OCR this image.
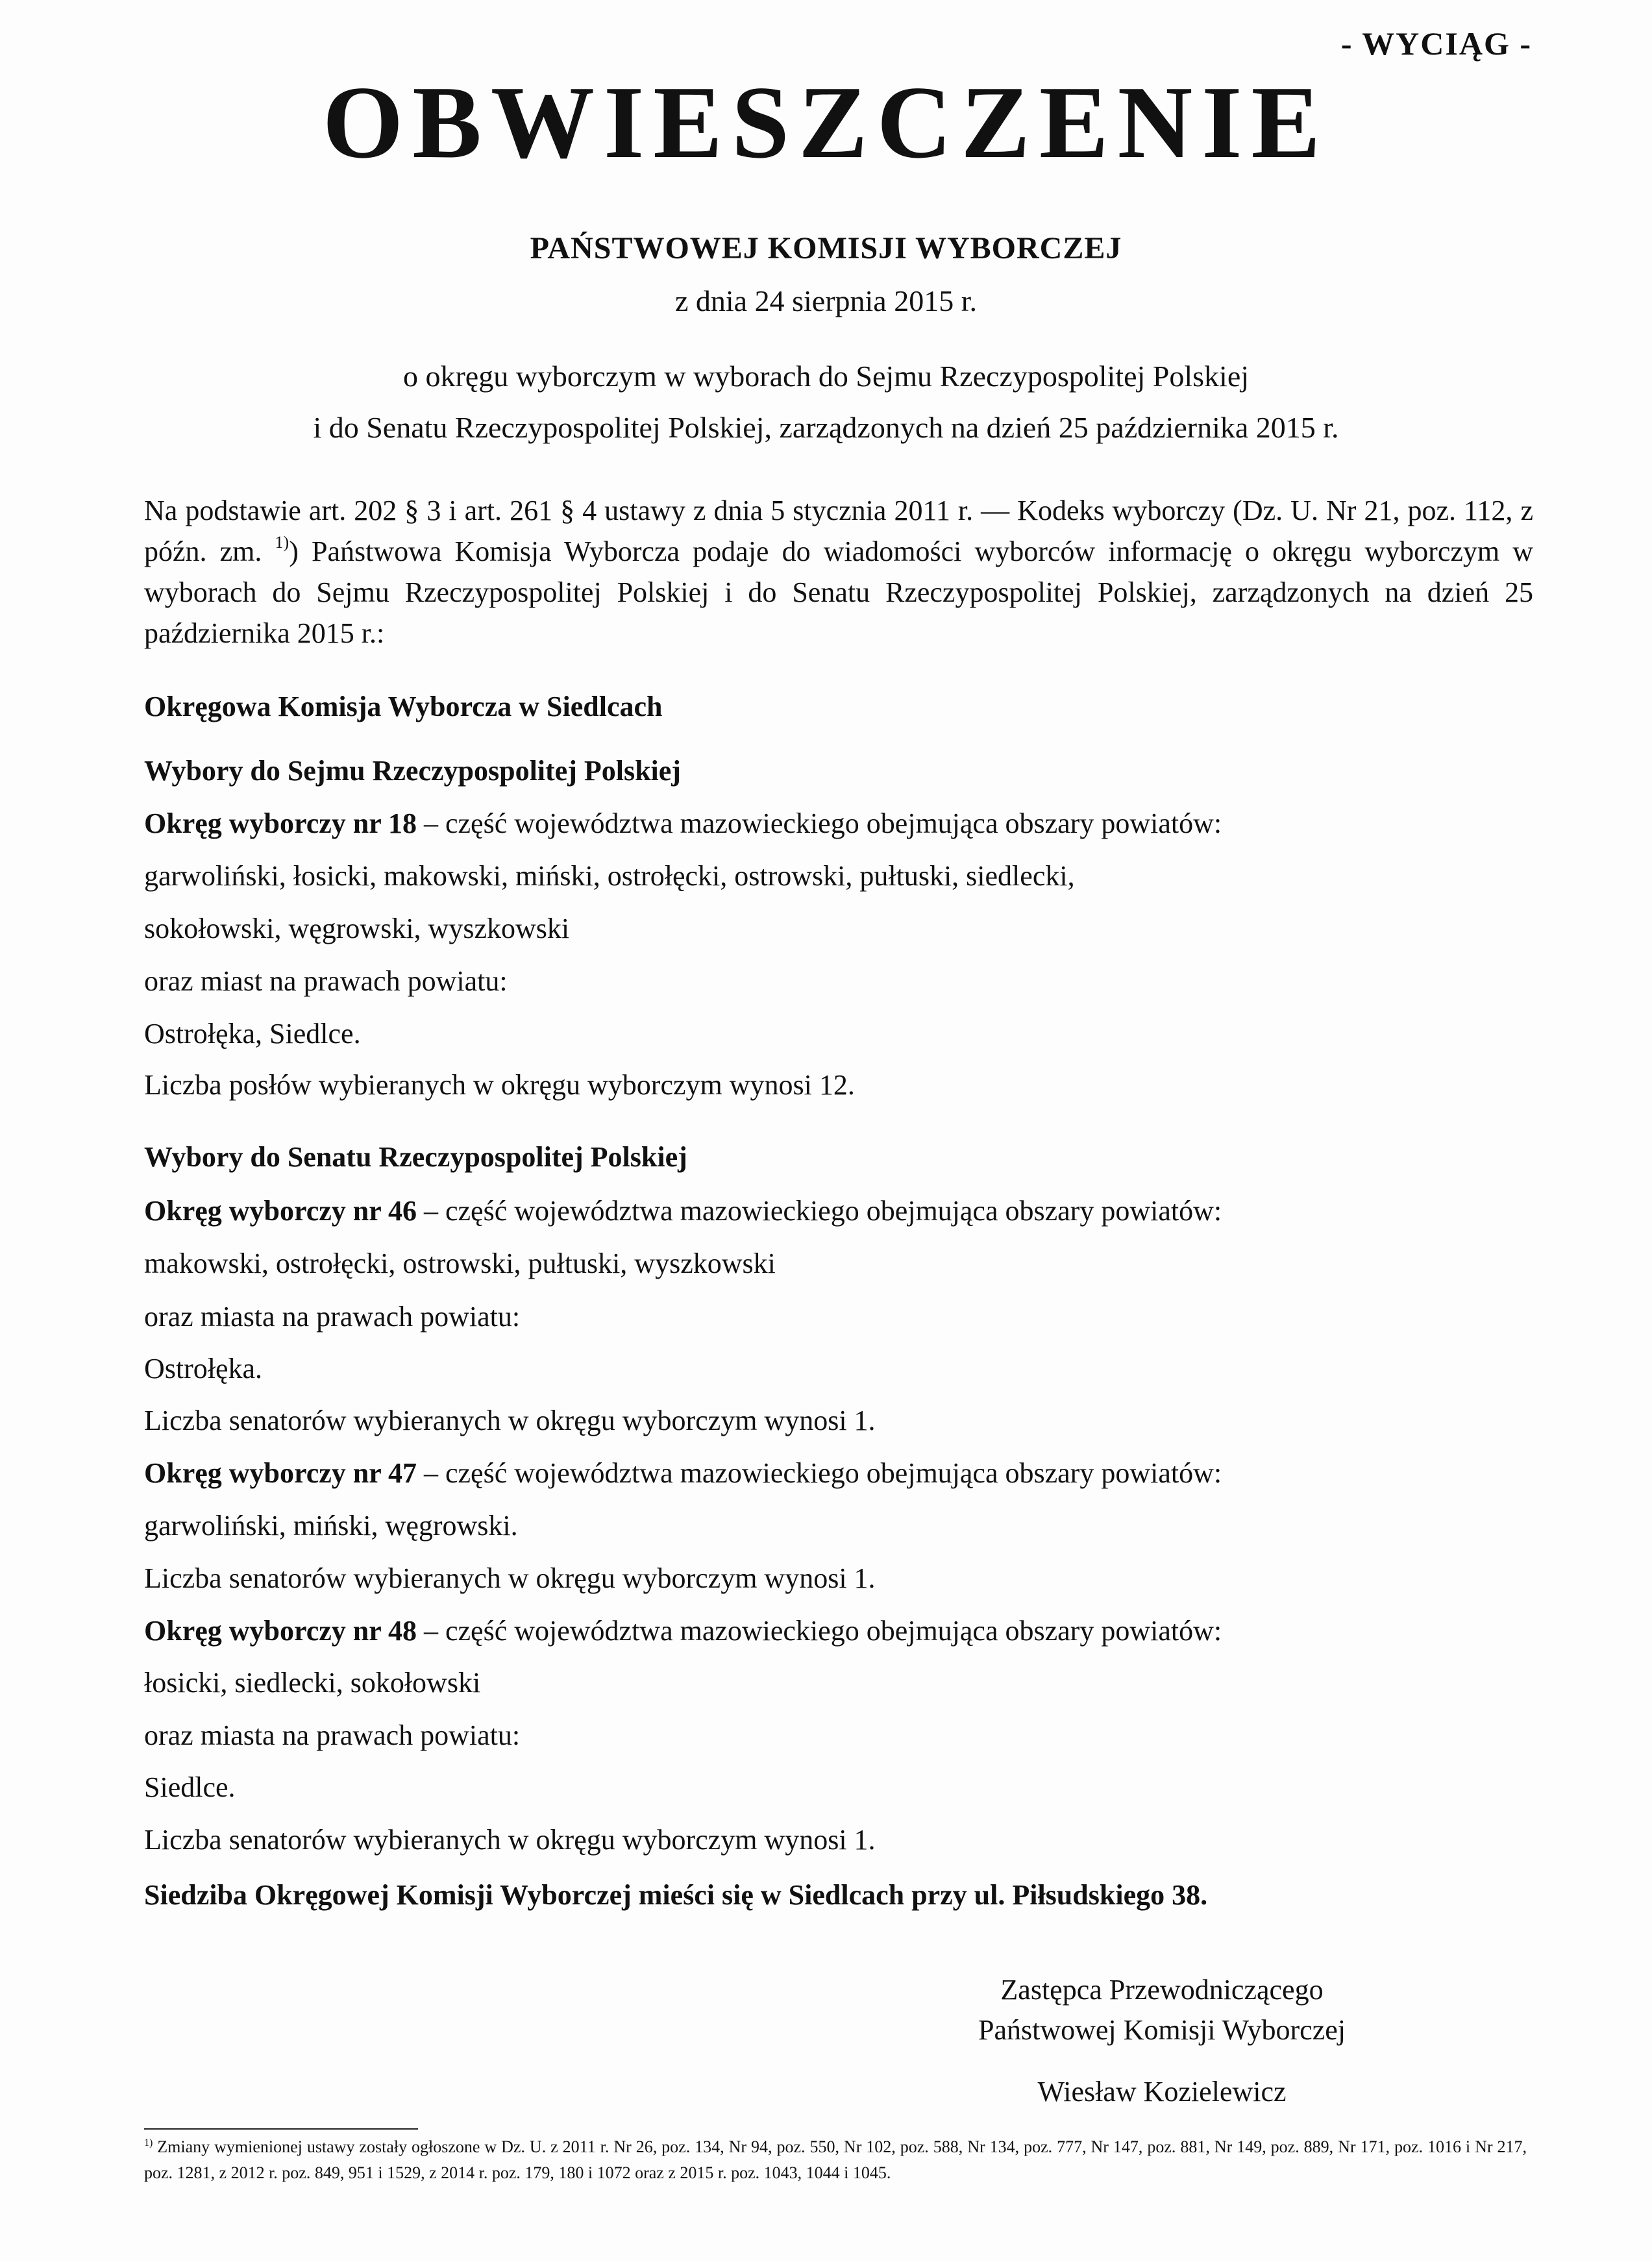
- WYCIĄG -
OBWIESZCZENIE
PAŃSTWOWEJ KOMISJI WYBORCZEJ
z dnia 24 sierpnia 2015 r.
o okręgu wyborczym w wyborach do Sejmu Rzeczypospolitej Polskiej
i do Senatu Rzeczypospolitej Polskiej, zarządzonych na dzień 25 października 2015 r.
Na podstawie art. 202 § 3 i art. 261 § 4 ustawy z dnia 5 stycznia 2011 r. — Kodeks wyborczy (Dz. U. Nr 21, poz. 112, z późn. zm. $^{1)}$) Państwowa Komisja Wyborcza podaje do wiadomości wyborców informację o okręgu wyborczym w wyborach do Sejmu Rzeczypospolitej Polskiej i do Senatu Rzeczypospolitej Polskiej, zarządzonych na dzień 25 października 2015 r.:
Okręgowa Komisja Wyborcza w Siedlcach
Wybory do Sejmu Rzeczypospolitej Polskiej
Okręg wyborczy nr 18 – część województwa mazowieckiego obejmująca obszary powiatów:
garwoliński, łosicki, makowski, miński, ostrołęcki, ostrowski, pułtuski, siedlecki,
sokołowski, węgrowski, wyszkowski
oraz miast na prawach powiatu:
Ostrołęka, Siedlce.
Liczba posłów wybieranych w okręgu wyborczym wynosi 12.
Wybory do Senatu Rzeczypospolitej Polskiej
Okręg wyborczy nr 46 – część województwa mazowieckiego obejmująca obszary powiatów:
makowski, ostrołęcki, ostrowski, pułtuski, wyszkowski
oraz miasta na prawach powiatu:
Ostrołęka.
Liczba senatorów wybieranych w okręgu wyborczym wynosi 1.
Okręg wyborczy nr 47 – część województwa mazowieckiego obejmująca obszary powiatów:
garwoliński, miński, węgrowski.
Liczba senatorów wybieranych w okręgu wyborczym wynosi 1.
Okręg wyborczy nr 48 – część województwa mazowieckiego obejmująca obszary powiatów:
łosicki, siedlecki, sokołowski
oraz miasta na prawach powiatu:
Siedlce.
Liczba senatorów wybieranych w okręgu wyborczym wynosi 1.
Siedziba Okręgowej Komisji Wyborczej mieści się w Siedlcach przy ul. Piłsudskiego 38.
Zastępca Przewodniczącego
Państwowej Komisji Wyborczej
Wiesław Kozielewicz
$^{1)}$ Zmiany wymienionej ustawy zostały ogłoszone w Dz. U. z 2011 r. Nr 26, poz. 134, Nr 94, poz. 550, Nr 102, poz. 588, Nr 134, poz. 777, Nr 147, poz. 881, Nr 149, poz. 889, Nr 171, poz. 1016 i Nr 217, poz. 1281, z 2012 r. poz. 849, 951 i 1529, z 2014 r. poz. 179, 180 i 1072 oraz z 2015 r. poz. 1043, 1044 i 1045.
